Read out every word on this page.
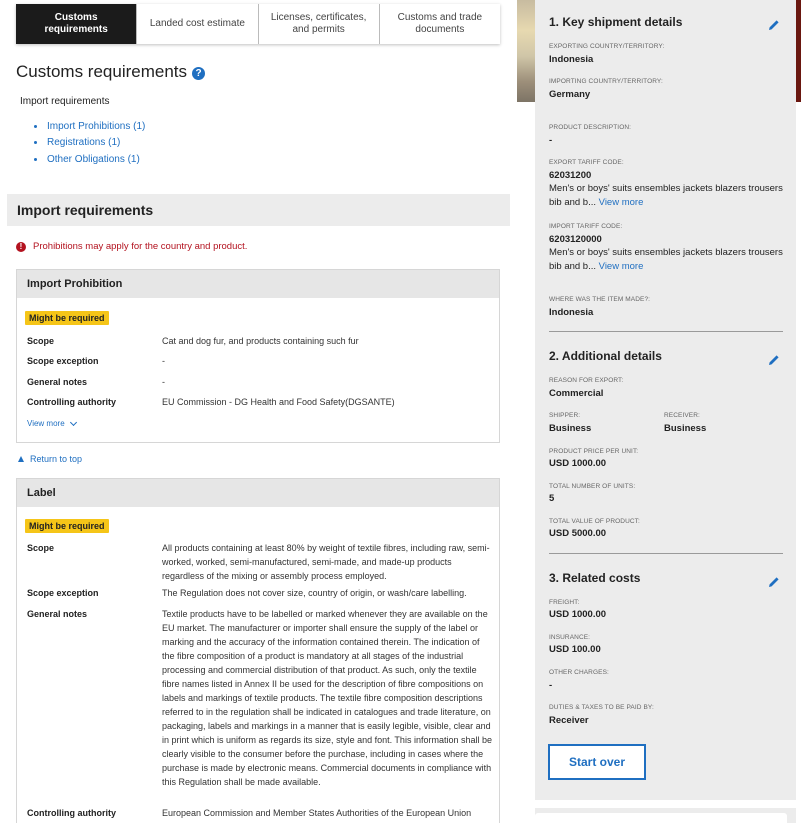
Customs requirements
Landed cost estimate
Licenses, certificates, and permits
Customs and trade documents
Customs requirements ?
Import requirements
Import Prohibitions (1)
Registrations (1)
Other Obligations (1)
Import requirements
!	Prohibitions may apply for the country and product.
Import Prohibition
Might be required
Scope	Cat and dog fur, and products containing such fur
Scope exception	-
General notes	-
Controlling authority	EU Commission - DG Health and Food Safety(DGSANTE)
View more
Return to top
Label
Might be required
Scope	All products containing at least 80% by weight of textile fibres, including raw, semi-worked, worked, semi-manufactured, semi-made, and made-up products regardless of the mixing or assembly process employed.
Scope exception	The Regulation does not cover size, country of origin, or wash/care labelling.
General notes	Textile products have to be labelled or marked whenever they are available on the EU market. The manufacturer or importer shall ensure the supply of the label or marking and the accuracy of the information contained therein. The indication of the fibre composition of a product is mandatory at all stages of the industrial processing and commercial distribution of that product. As such, only the textile fibre names listed in Annex II be used for the description of fibre compositions on labels and markings of textile products. The textile fibre composition descriptions referred to in the regulation shall be indicated in catalogues and trade literature, on packaging, labels and markings in a manner that is easily legible, visible, clear and in print which is uniform as regards its size, style and font. This information shall be clearly visible to the consumer before the purchase, including in cases where the purchase is made by electronic means. Commercial documents in compliance with this Regulation shall be made available.
Controlling authority	European Commission and Member States Authorities of the European Union
1. Key shipment details
EXPORTING COUNTRY/TERRITORY:
Indonesia
IMPORTING COUNTRY/TERRITORY:
Germany
PRODUCT DESCRIPTION:
-
EXPORT TARIFF CODE:
62031200
Men's or boys' suits ensembles jackets blazers trousers bib and b... View more
IMPORT TARIFF CODE:
6203120000
Men's or boys' suits ensembles jackets blazers trousers bib and b... View more
WHERE WAS THE ITEM MADE?:
Indonesia
2. Additional details
REASON FOR EXPORT:
Commercial
SHIPPER:
Business
RECEIVER:
Business
PRODUCT PRICE PER UNIT:
USD 1000.00
TOTAL NUMBER OF UNITS:
5
TOTAL VALUE OF PRODUCT:
USD 5000.00
3. Related costs
FREIGHT:
USD 1000.00
INSURANCE:
USD 100.00
OTHER CHARGES:
-
DUTIES & TAXES TO BE PAID BY:
Receiver
Start over
